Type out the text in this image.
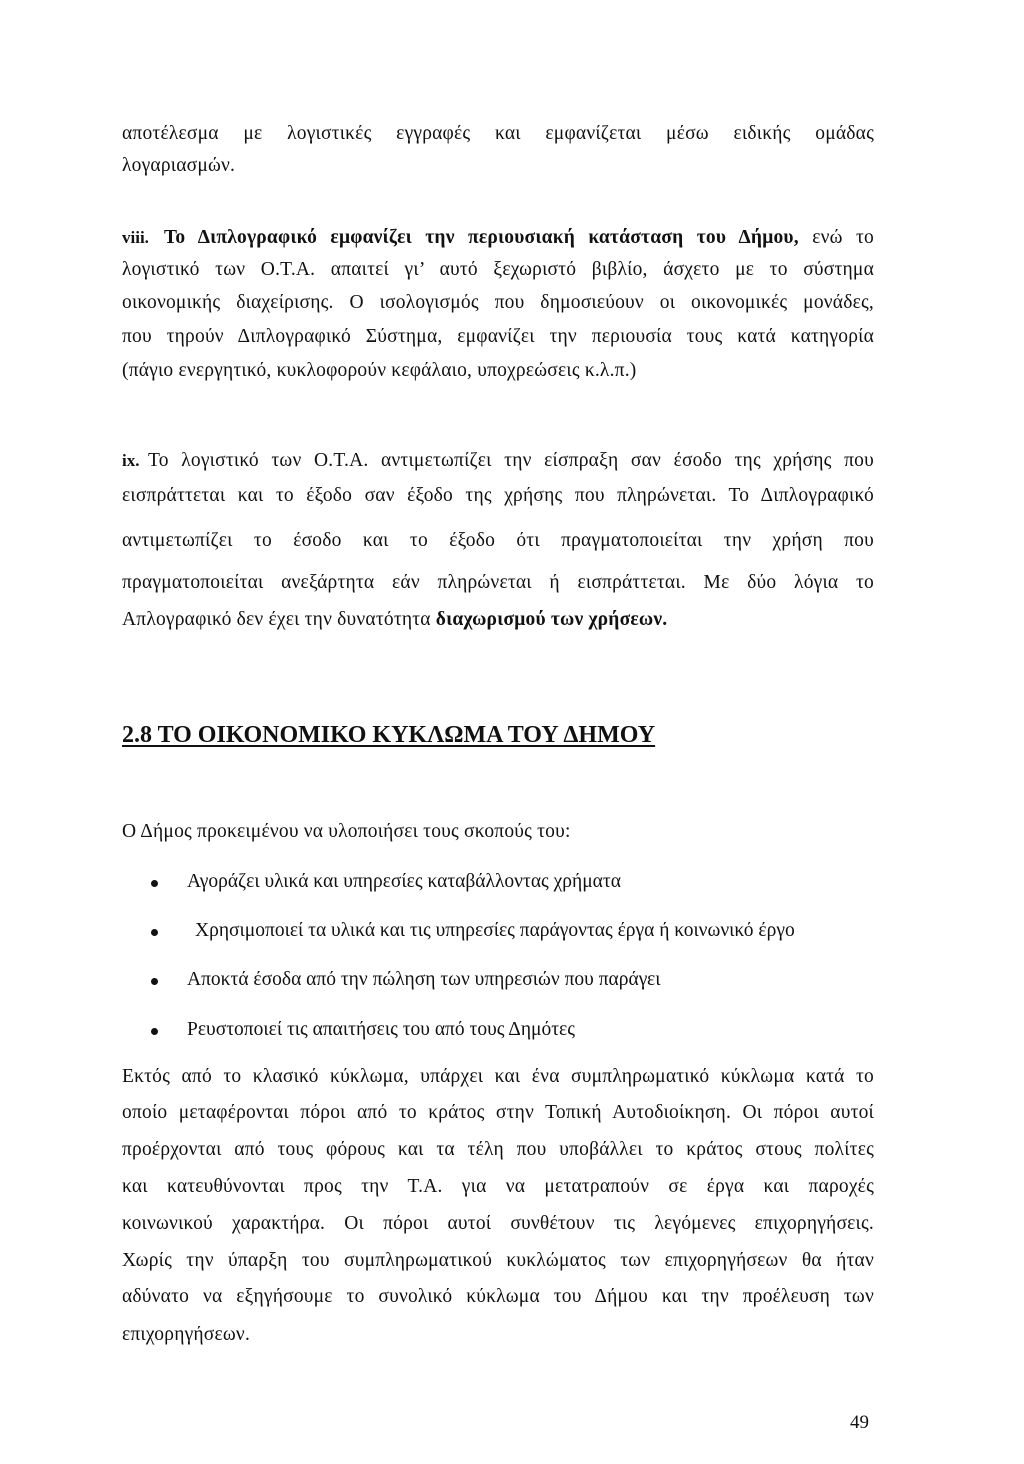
αποτέλεσμα με λογιστικές εγγραφές και εμφανίζεται μέσω ειδικής ομάδας
λογαριασμών.
viii. Το Διπλογραφικό εμφανίζει την περιουσιακή κατάσταση του Δήμου, ενώ το
λογιστικό των Ο.Τ.Α. απαιτεί γι’ αυτό ξεχωριστό βιβλίο, άσχετο με το σύστημα
οικονομικής διαχείρισης. Ο ισολογισμός που δημοσιεύουν οι οικονομικές μονάδες,
που τηρούν Διπλογραφικό Σύστημα, εμφανίζει την περιουσία τους κατά κατηγορία
(πάγιο ενεργητικό, κυκλοφορούν κεφάλαιο, υποχρεώσεις κ.λ.π.)
ix. Το λογιστικό των Ο.Τ.Α. αντιμετωπίζει την είσπραξη σαν έσοδο της χρήσης που
εισπράττεται και το έξοδο σαν έξοδο της χρήσης που πληρώνεται. Το Διπλογραφικό
αντιμετωπίζει το έσοδο και το έξοδο ότι πραγματοποιείται την χρήση που
πραγματοποιείται ανεξάρτητα εάν πληρώνεται ή εισπράττεται. Με δύο λόγια το
Απλογραφικό δεν έχει την δυνατότητα διαχωρισμού των χρήσεων.
2.8 ΤΟ ΟΙΚΟΝΟΜΙΚΟ ΚΥΚΛΩΜΑ ΤΟΥ ΔΗΜΟΥ
Ο Δήμος προκειμένου να υλοποιήσει τους σκοπούς του:
Αγοράζει υλικά και υπηρεσίες καταβάλλοντας χρήματα
Χρησιμοποιεί τα υλικά και τις υπηρεσίες παράγοντας έργα ή κοινωνικό έργο
Αποκτά έσοδα από την πώληση των υπηρεσιών που παράγει
Ρευστοποιεί τις απαιτήσεις του από τους Δημότες
Εκτός από το κλασικό κύκλωμα, υπάρχει και ένα συμπληρωματικό κύκλωμα κατά το
οποίο μεταφέρονται πόροι από το κράτος στην Τοπική Αυτοδιοίκηση. Οι πόροι αυτοί
προέρχονται από τους φόρους και τα τέλη που υποβάλλει το κράτος στους πολίτες
και κατευθύνονται προς την Τ.Α. για να μετατραπούν σε έργα και παροχές
κοινωνικού χαρακτήρα. Οι πόροι αυτοί συνθέτουν τις λεγόμενες επιχορηγήσεις.
Χωρίς την ύπαρξη του συμπληρωματικού κυκλώματος των επιχορηγήσεων θα ήταν
αδύνατο να εξηγήσουμε το συνολικό κύκλωμα του Δήμου και την προέλευση των
επιχορηγήσεων.
49
